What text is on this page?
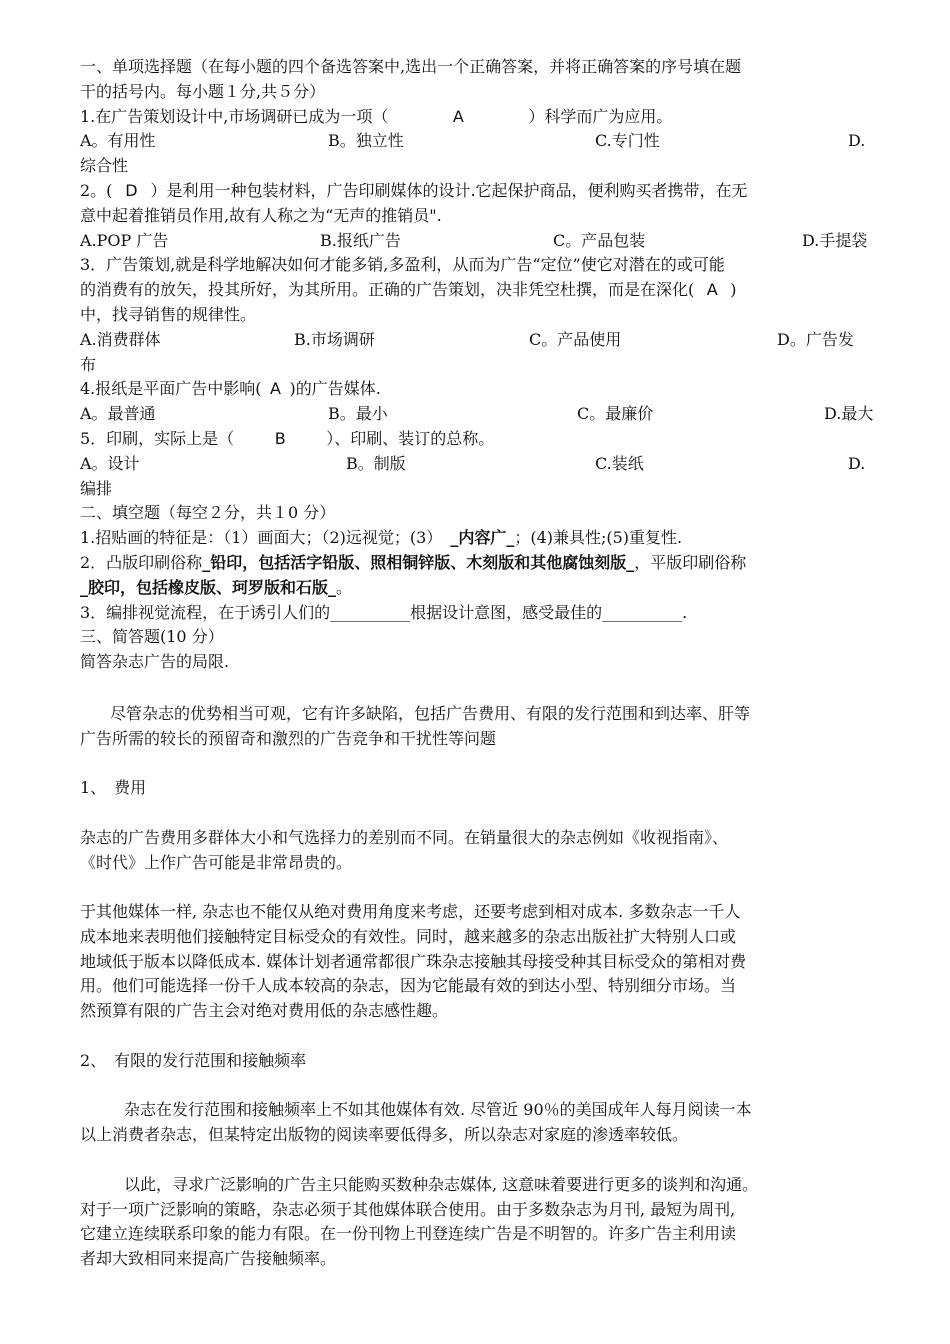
一、单项选择题（在每小题的四个备选答案中,选出一个正确答案，并将正确答案的序号填在题
干的括号内。每小题１分,共５分）
1.在广告策划设计中,市场调研已成为一项（	A	）科学而广为应用。
A。有用性	B。独立性	C.专门性	D.
综合性
2。( D ）是利用一种包装材料，广告印刷媒体的设计.它起保护商品，便利购买者携带，在无
意中起着推销员作用,故有人称之为“无声的推销员".
A.POP 广告	B.报纸广告	C。产品包装	D.手提袋
3．广告策划,就是科学地解决如何才能多销,多盈利，从而为广告“定位”使它对潜在的或可能
的消费有的放矢，投其所好，为其所用。正确的广告策划，决非凭空杜撰，而是在深化( A )
中，找寻销售的规律性。
A.消费群体	B.市场调研	C。产品使用	D。广告发
布
4.报纸是平面广告中影响( A )的广告媒体.
A。最普通	B。最小	C。最廉价	D.最大
5．印刷，实际上是（	B	）、印刷、装订的总称。
A。设计	B。制版	C.装纸	D.
编排
二、填空题（每空２分，共１0 分）
1.招贴画的特征是：（1）画面大；（2)远视觉；(3）　 _内容广_；(4)兼具性;(5)重复性.
2．凸版印刷俗称_铅印，包括活字铅版、照相铜锌版、木刻版和其他腐蚀刻版_，平版印刷俗称
_胶印，包括橡皮版、珂罗版和石版_。
3．编排视觉流程，在于诱引人们的__________根据设计意图，感受最佳的__________.
三、简答题(10 分）
简答杂志广告的局限.
尽管杂志的优势相当可观，它有许多缺陷，包括广告费用、有限的发行范围和到达率、肝等
广告所需的较长的预留奇和激烈的广告竞争和干扰性等问题
1、　费用
杂志的广告费用多群体大小和气选择力的差别而不同。在销量很大的杂志例如《收视指南》、
《时代》上作广告可能是非常昂贵的。
于其他媒体一样, 杂志也不能仅从绝对费用角度来考虑，还要考虑到相对成本. 多数杂志一千人
成本地来表明他们接触特定目标受众的有效性。同时，越来越多的杂志出版社扩大特别人口或
地域低于版本以降低成本. 媒体计划者通常都很广珠杂志接触其母接受种其目标受众的第相对费
用。他们可能选择一份千人成本较高的杂志，因为它能最有效的到达小型、特别细分市场。当
然预算有限的广告主会对绝对费用低的杂志感性趣。
2、　有限的发行范围和接触频率
杂志在发行范围和接触频率上不如其他媒体有效. 尽管近 90％的美国成年人每月阅读一本
以上消费者杂志，但某特定出版物的阅读率要低得多，所以杂志对家庭的渗透率较低。
以此，寻求广泛影响的广告主只能购买数种杂志媒体, 这意味着要进行更多的谈判和沟通。
对于一项广泛影响的策略，杂志必须于其他媒体联合使用。由于多数杂志为月刊, 最短为周刊,
它建立连续联系印象的能力有限。在一份刊物上刊登连续广告是不明智的。许多广告主利用读
者却大致相同来提高广告接触频率。
